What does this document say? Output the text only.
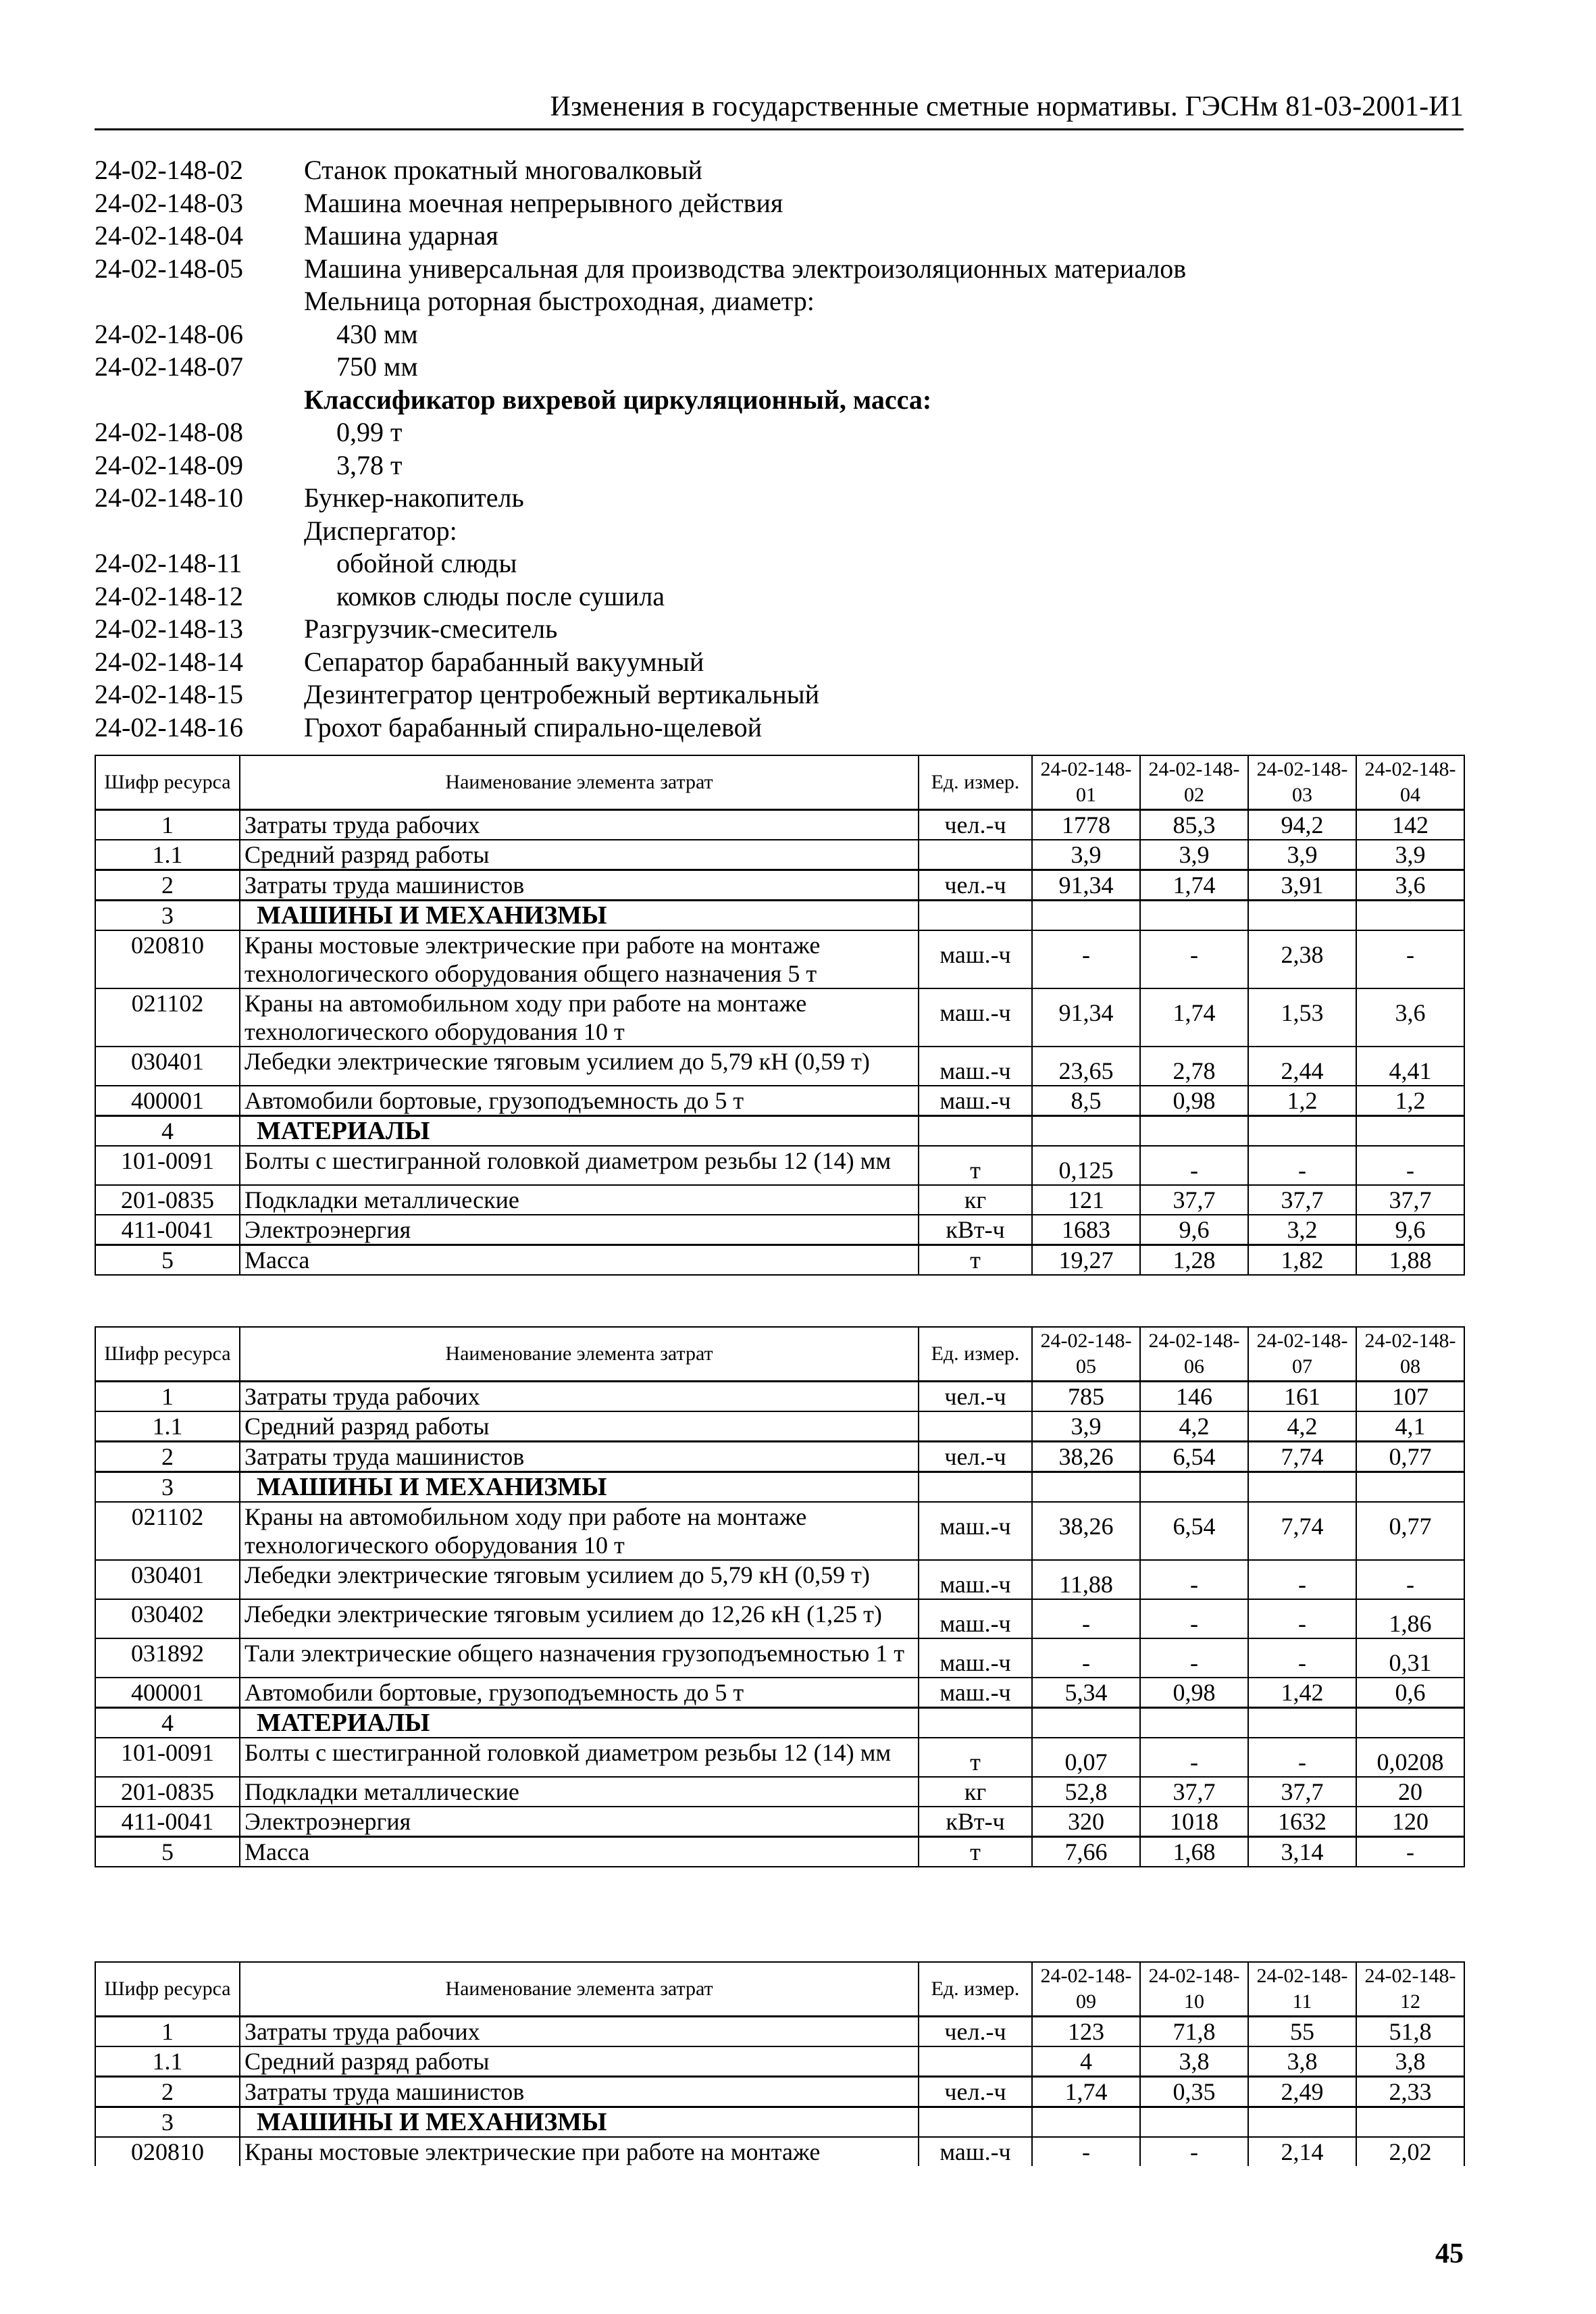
Изменения в государственные сметные нормативы. ГЭСНм 81-03-2001-И1
24-02-148-02	Станок прокатный многовалковый
24-02-148-03	Машина моечная непрерывного действия
24-02-148-04	Машина ударная
24-02-148-05	Машина универсальная для производства электроизоляционных материалов
Мельница роторная быстроходная, диаметр:
24-02-148-06	430 мм
24-02-148-07	750 мм
Классификатор вихревой циркуляционный, масса:
24-02-148-08	0,99 т
24-02-148-09	3,78 т
24-02-148-10	Бункер-накопитель
Диспергатор:
24-02-148-11	обойной слюды
24-02-148-12	комков слюды после сушила
24-02-148-13	Разгрузчик-смеситель
24-02-148-14	Сепаратор барабанный вакуумный
24-02-148-15	Дезинтегратор центробежный вертикальный
24-02-148-16	Грохот барабанный спирально-щелевой
Шифр ресурса	Наименование элемента затрат	Ед. измер.	24-02-148-01	24-02-148-02	24-02-148-03	24-02-148-04
1	Затраты труда рабочих	чел.-ч	1778	85,3	94,2	142
1.1	Средний разряд работы		3,9	3,9	3,9	3,9
2	Затраты труда машинистов	чел.-ч	91,34	1,74	3,91	3,6
3	МАШИНЫ И МЕХАНИЗМЫ					
020810	Краны мостовые электрические при работе на монтаже технологического оборудования общего назначения 5 т	маш.-ч	-	-	2,38	-
021102	Краны на автомобильном ходу при работе на монтаже технологического оборудования 10 т	маш.-ч	91,34	1,74	1,53	3,6
030401	Лебедки электрические тяговым усилием до 5,79 кН (0,59 т)	маш.-ч	23,65	2,78	2,44	4,41
400001	Автомобили бортовые, грузоподъемность до 5 т	маш.-ч	8,5	0,98	1,2	1,2
4	МАТЕРИАЛЫ					
101-0091	Болты с шестигранной головкой диаметром резьбы 12 (14) мм	т	0,125	-	-	-
201-0835	Подкладки металлические	кг	121	37,7	37,7	37,7
411-0041	Электроэнергия	кВт-ч	1683	9,6	3,2	9,6
5	Масса	т	19,27	1,28	1,82	1,88
Шифр ресурса	Наименование элемента затрат	Ед. измер.	24-02-148-05	24-02-148-06	24-02-148-07	24-02-148-08
1	Затраты труда рабочих	чел.-ч	785	146	161	107
1.1	Средний разряд работы		3,9	4,2	4,2	4,1
2	Затраты труда машинистов	чел.-ч	38,26	6,54	7,74	0,77
3	МАШИНЫ И МЕХАНИЗМЫ					
021102	Краны на автомобильном ходу при работе на монтаже технологического оборудования 10 т	маш.-ч	38,26	6,54	7,74	0,77
030401	Лебедки электрические тяговым усилием до 5,79 кН (0,59 т)	маш.-ч	11,88	-	-	-
030402	Лебедки электрические тяговым усилием до 12,26 кН (1,25 т)	маш.-ч	-	-	-	1,86
031892	Тали электрические общего назначения грузоподъемностью 1 т	маш.-ч	-	-	-	0,31
400001	Автомобили бортовые, грузоподъемность до 5 т	маш.-ч	5,34	0,98	1,42	0,6
4	МАТЕРИАЛЫ					
101-0091	Болты с шестигранной головкой диаметром резьбы 12 (14) мм	т	0,07	-	-	0,0208
201-0835	Подкладки металлические	кг	52,8	37,7	37,7	20
411-0041	Электроэнергия	кВт-ч	320	1018	1632	120
5	Масса	т	7,66	1,68	3,14	-
Шифр ресурса	Наименование элемента затрат	Ед. измер.	24-02-148-09	24-02-148-10	24-02-148-11	24-02-148-12
1	Затраты труда рабочих	чел.-ч	123	71,8	55	51,8
1.1	Средний разряд работы		4	3,8	3,8	3,8
2	Затраты труда машинистов	чел.-ч	1,74	0,35	2,49	2,33
3	МАШИНЫ И МЕХАНИЗМЫ					
020810	Краны мостовые электрические при работе на монтаже	маш.-ч	-	-	2,14	2,02
45
